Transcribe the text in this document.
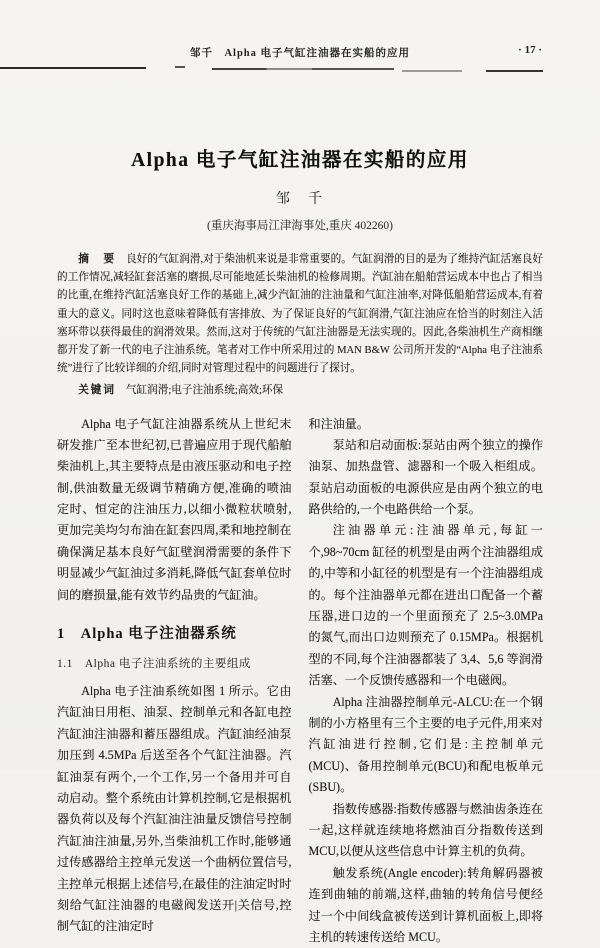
邹千　Alpha 电子气缸注油器在实船的应用	· 17 ·
Alpha 电子气缸注油器在实船的应用
邹　千
(重庆海事局江津海事处,重庆 402260)
摘　要 良好的气缸润滑,对于柴油机来说是非常重要的。气缸润滑的目的是为了维持汽缸活塞良好的工作情况,减轻缸套活塞的磨损,尽可能地延长柴油机的检修周期。汽缸油在船舶营运成本中也占了相当的比重,在维持汽缸活塞良好工作的基础上,减少汽缸油的注油量和气缸注油率,对降低船舶营运成本,有着重大的意义。同时这也意味着降低有害排放、为了保证良好的气缸润滑,气缸注油应在恰当的时刻注入活塞环带以获得最佳的润滑效果。然而,这对于传统的气缸注油器是无法实现的。因此,各柴油机生产商相继都开发了新一代的电子注油系统。笔者对工作中所采用过的 MAN B&W 公司所开发的“Alpha 电子注油系统”进行了比较详细的介绍,同时对管理过程中的问题进行了探讨。
关键词 气缸润滑;电子注油系统;高效;环保

Alpha 电子气缸注油器系统从上世纪末研发推广至本世纪初,已普遍应用于现代船舶柴油机上,其主要特点是由液压驱动和电子控制,供油数量无级调节精确方便,准确的喷油定时、恒定的注油压力,以细小微粒状喷射,更加完美均匀布油在缸套四周,柔和地控制在确保满足基本良好气缸壁润滑需要的条件下明显减少气缸油过多消耗,降低气缸套单位时间的磨损量,能有效节约品贵的气缸油。

1　Alpha 电子注油器系统
1.1　Alpha 电子注油系统的主要组成

Alpha 电子注油系统如图 1 所示。它由汽缸油日用柜、油泵、控制单元和各缸电控汽缸油注油器和蓄压器组成。汽缸油经油泵加压到 4.5MPa 后送至各个气缸注油器。汽缸油泵有两个,一个工作,另一个备用并可自动启动。整个系统由计算机控制,它是根据机器负荷以及每个汽缸油注油量反馈信号控制汽缸油注油量,另外,当柴油机工作时,能够通过传感器给主控单元发送一个曲柄位置信号,主控单元根据上述信号,在最佳的注油定时时刻给气缸注油器的电磁阀发送开|关信号,控制气缸的注油定时

和注油量。

泵站和启动面板:泵站由两个独立的操作油泵、加热盘管、滤器和一个吸入柜组成。泵站启动面板的电源供应是由两个独立的电路供给的,一个电路供给一个泵。

注油器单元:注油器单元,每缸一个,98~70cm 缸径的机型是由两个注油器组成的,中等和小缸径的机型是有一个注油器组成的。每个注油器单元都在进出口配备一个蓄压器,进口边的一个里面预充了 2.5~3.0MPa 的氮气,而出口边则预充了 0.15MPa。根据机型的不同,每个注油器都装了 3,4、5,6 等润滑活塞、一个反馈传感器和一个电磁阀。

Alpha 注油器控制单元-ALCU:在一个钢制的小方格里有三个主要的电子元件,用来对汽缸油进行控制,它们是:主控制单元(MCU)、备用控制单元(BCU)和配电板单元(SBU)。

指数传感器:指数传感器与燃油齿条连在一起,这样就连续地将燃油百分指数传送到 MCU,以便从这些信息中计算主机的负荷。

触发系统(Angle encoder):转角解码器被连到曲轴的前端,这样,曲轴的转角信号便经过一个中间线盒被传送到计算机面板上,即将主机的转速传送给 MCU。
